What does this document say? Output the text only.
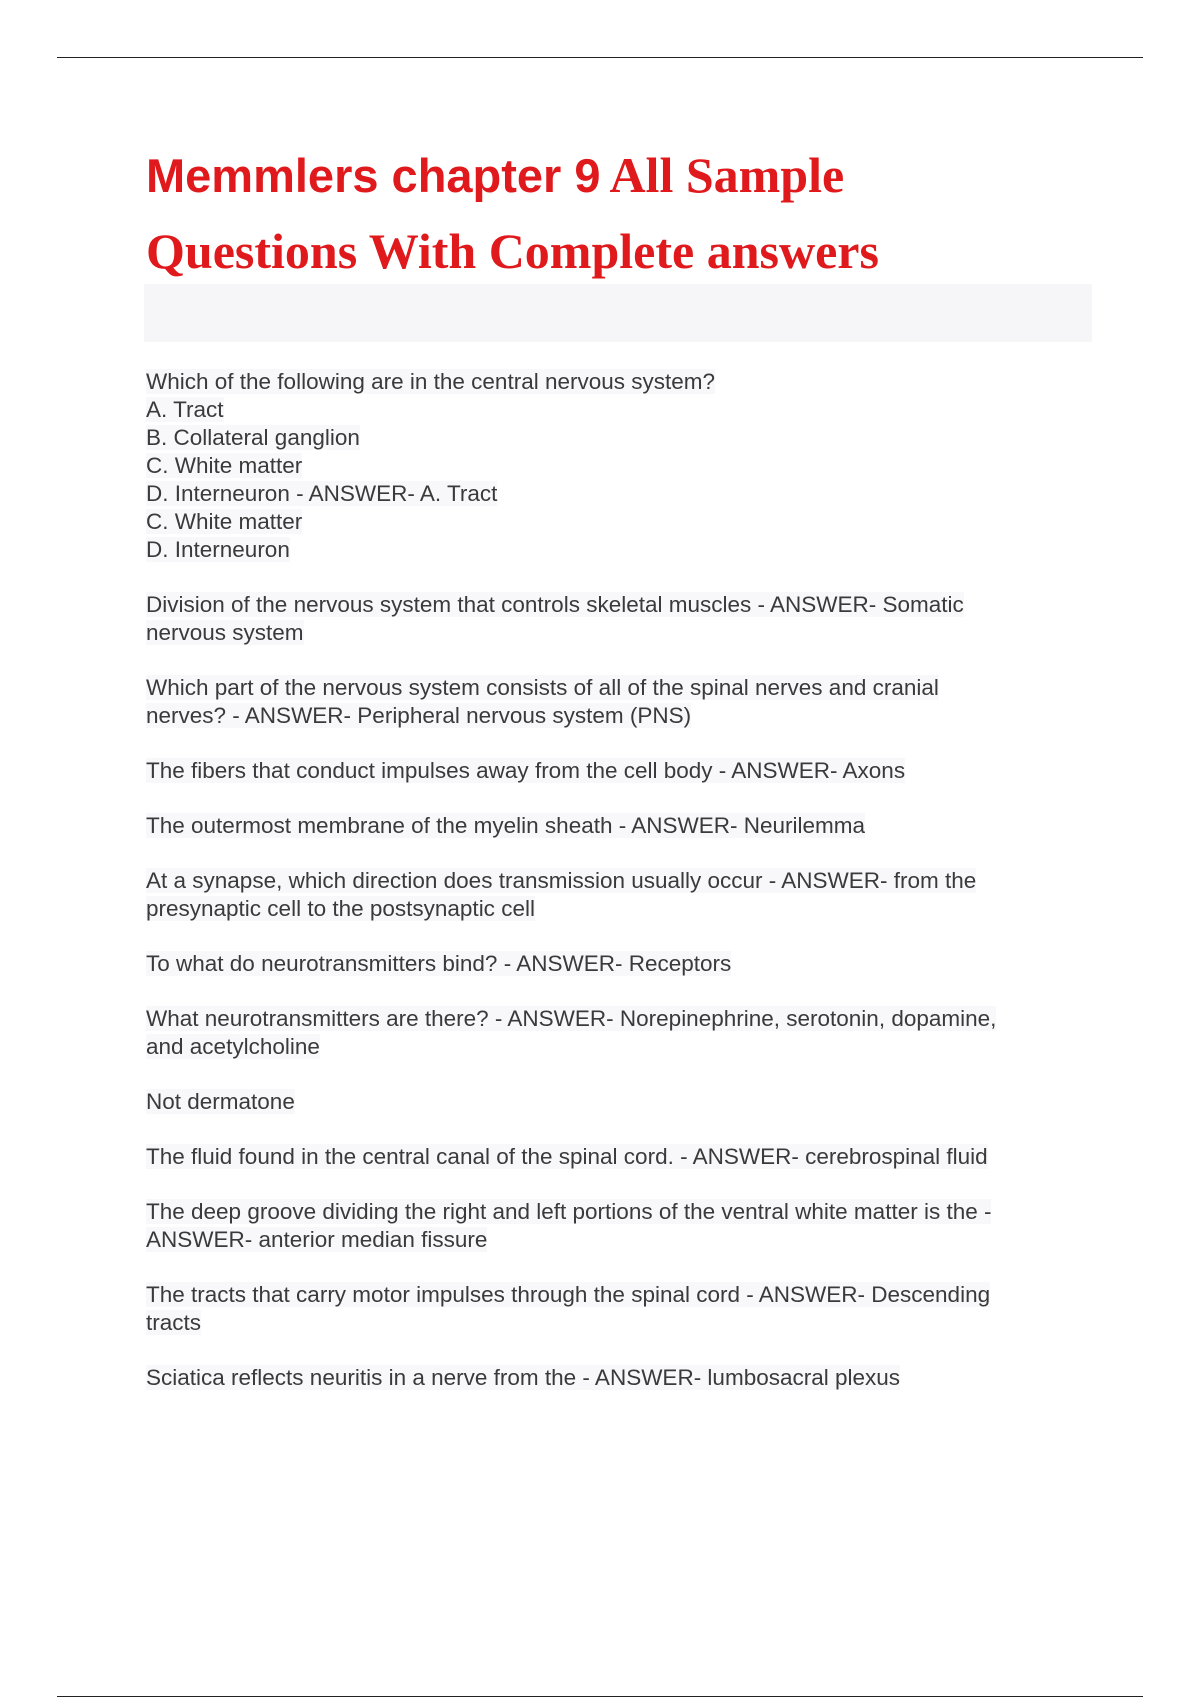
Memmlers chapter 9 All Sample
Questions With Complete answers
Which of the following are in the central nervous system?
A. Tract
B. Collateral ganglion
C. White matter
D. Interneuron - ANSWER- A. Tract
C. White matter
D. Interneuron
Division of the nervous system that controls skeletal muscles - ANSWER- Somatic
nervous system
Which part of the nervous system consists of all of the spinal nerves and cranial
nerves? - ANSWER- Peripheral nervous system (PNS)
The fibers that conduct impulses away from the cell body - ANSWER- Axons
The outermost membrane of the myelin sheath - ANSWER- Neurilemma
At a synapse, which direction does transmission usually occur - ANSWER- from the
presynaptic cell to the postsynaptic cell
To what do neurotransmitters bind? - ANSWER- Receptors
What neurotransmitters are there? - ANSWER- Norepinephrine, serotonin, dopamine,
and acetylcholine
Not dermatone
The fluid found in the central canal of the spinal cord. - ANSWER- cerebrospinal fluid
The deep groove dividing the right and left portions of the ventral white matter is the -
ANSWER- anterior median fissure
The tracts that carry motor impulses through the spinal cord - ANSWER- Descending
tracts
Sciatica reflects neuritis in a nerve from the - ANSWER- lumbosacral plexus
